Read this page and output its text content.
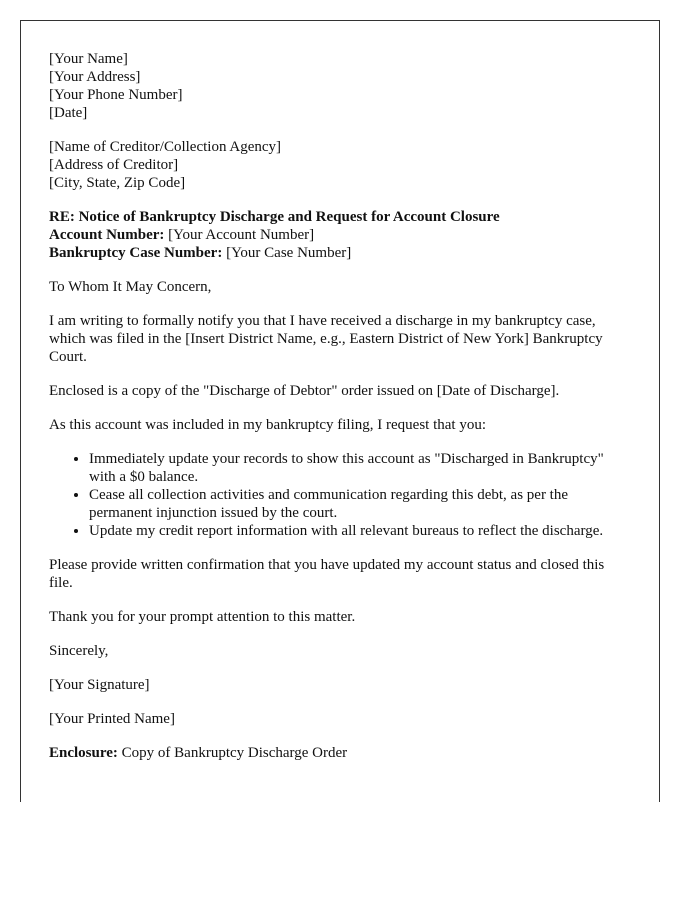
[Your Name]
[Your Address]
[Your Phone Number]
[Date]
[Name of Creditor/Collection Agency]
[Address of Creditor]
[City, State, Zip Code]
RE: Notice of Bankruptcy Discharge and Request for Account Closure
Account Number: [Your Account Number]
Bankruptcy Case Number: [Your Case Number]

To Whom It May Concern,

I am writing to formally notify you that I have received a discharge in my bankruptcy case, which was filed in the [Insert District Name, e.g., Eastern District of New York] Bankruptcy Court.

Enclosed is a copy of the "Discharge of Debtor" order issued on [Date of Discharge].

As this account was included in my bankruptcy filing, I request that you:

• Immediately update your records to show this account as "Discharged in Bankruptcy" with a $0 balance.
• Cease all collection activities and communication regarding this debt, as per the permanent injunction issued by the court.
• Update my credit report information with all relevant bureaus to reflect the discharge.

Please provide written confirmation that you have updated my account status and closed this file.

Thank you for your prompt attention to this matter.

Sincerely,

[Your Signature]

[Your Printed Name]

Enclosure: Copy of Bankruptcy Discharge Order
